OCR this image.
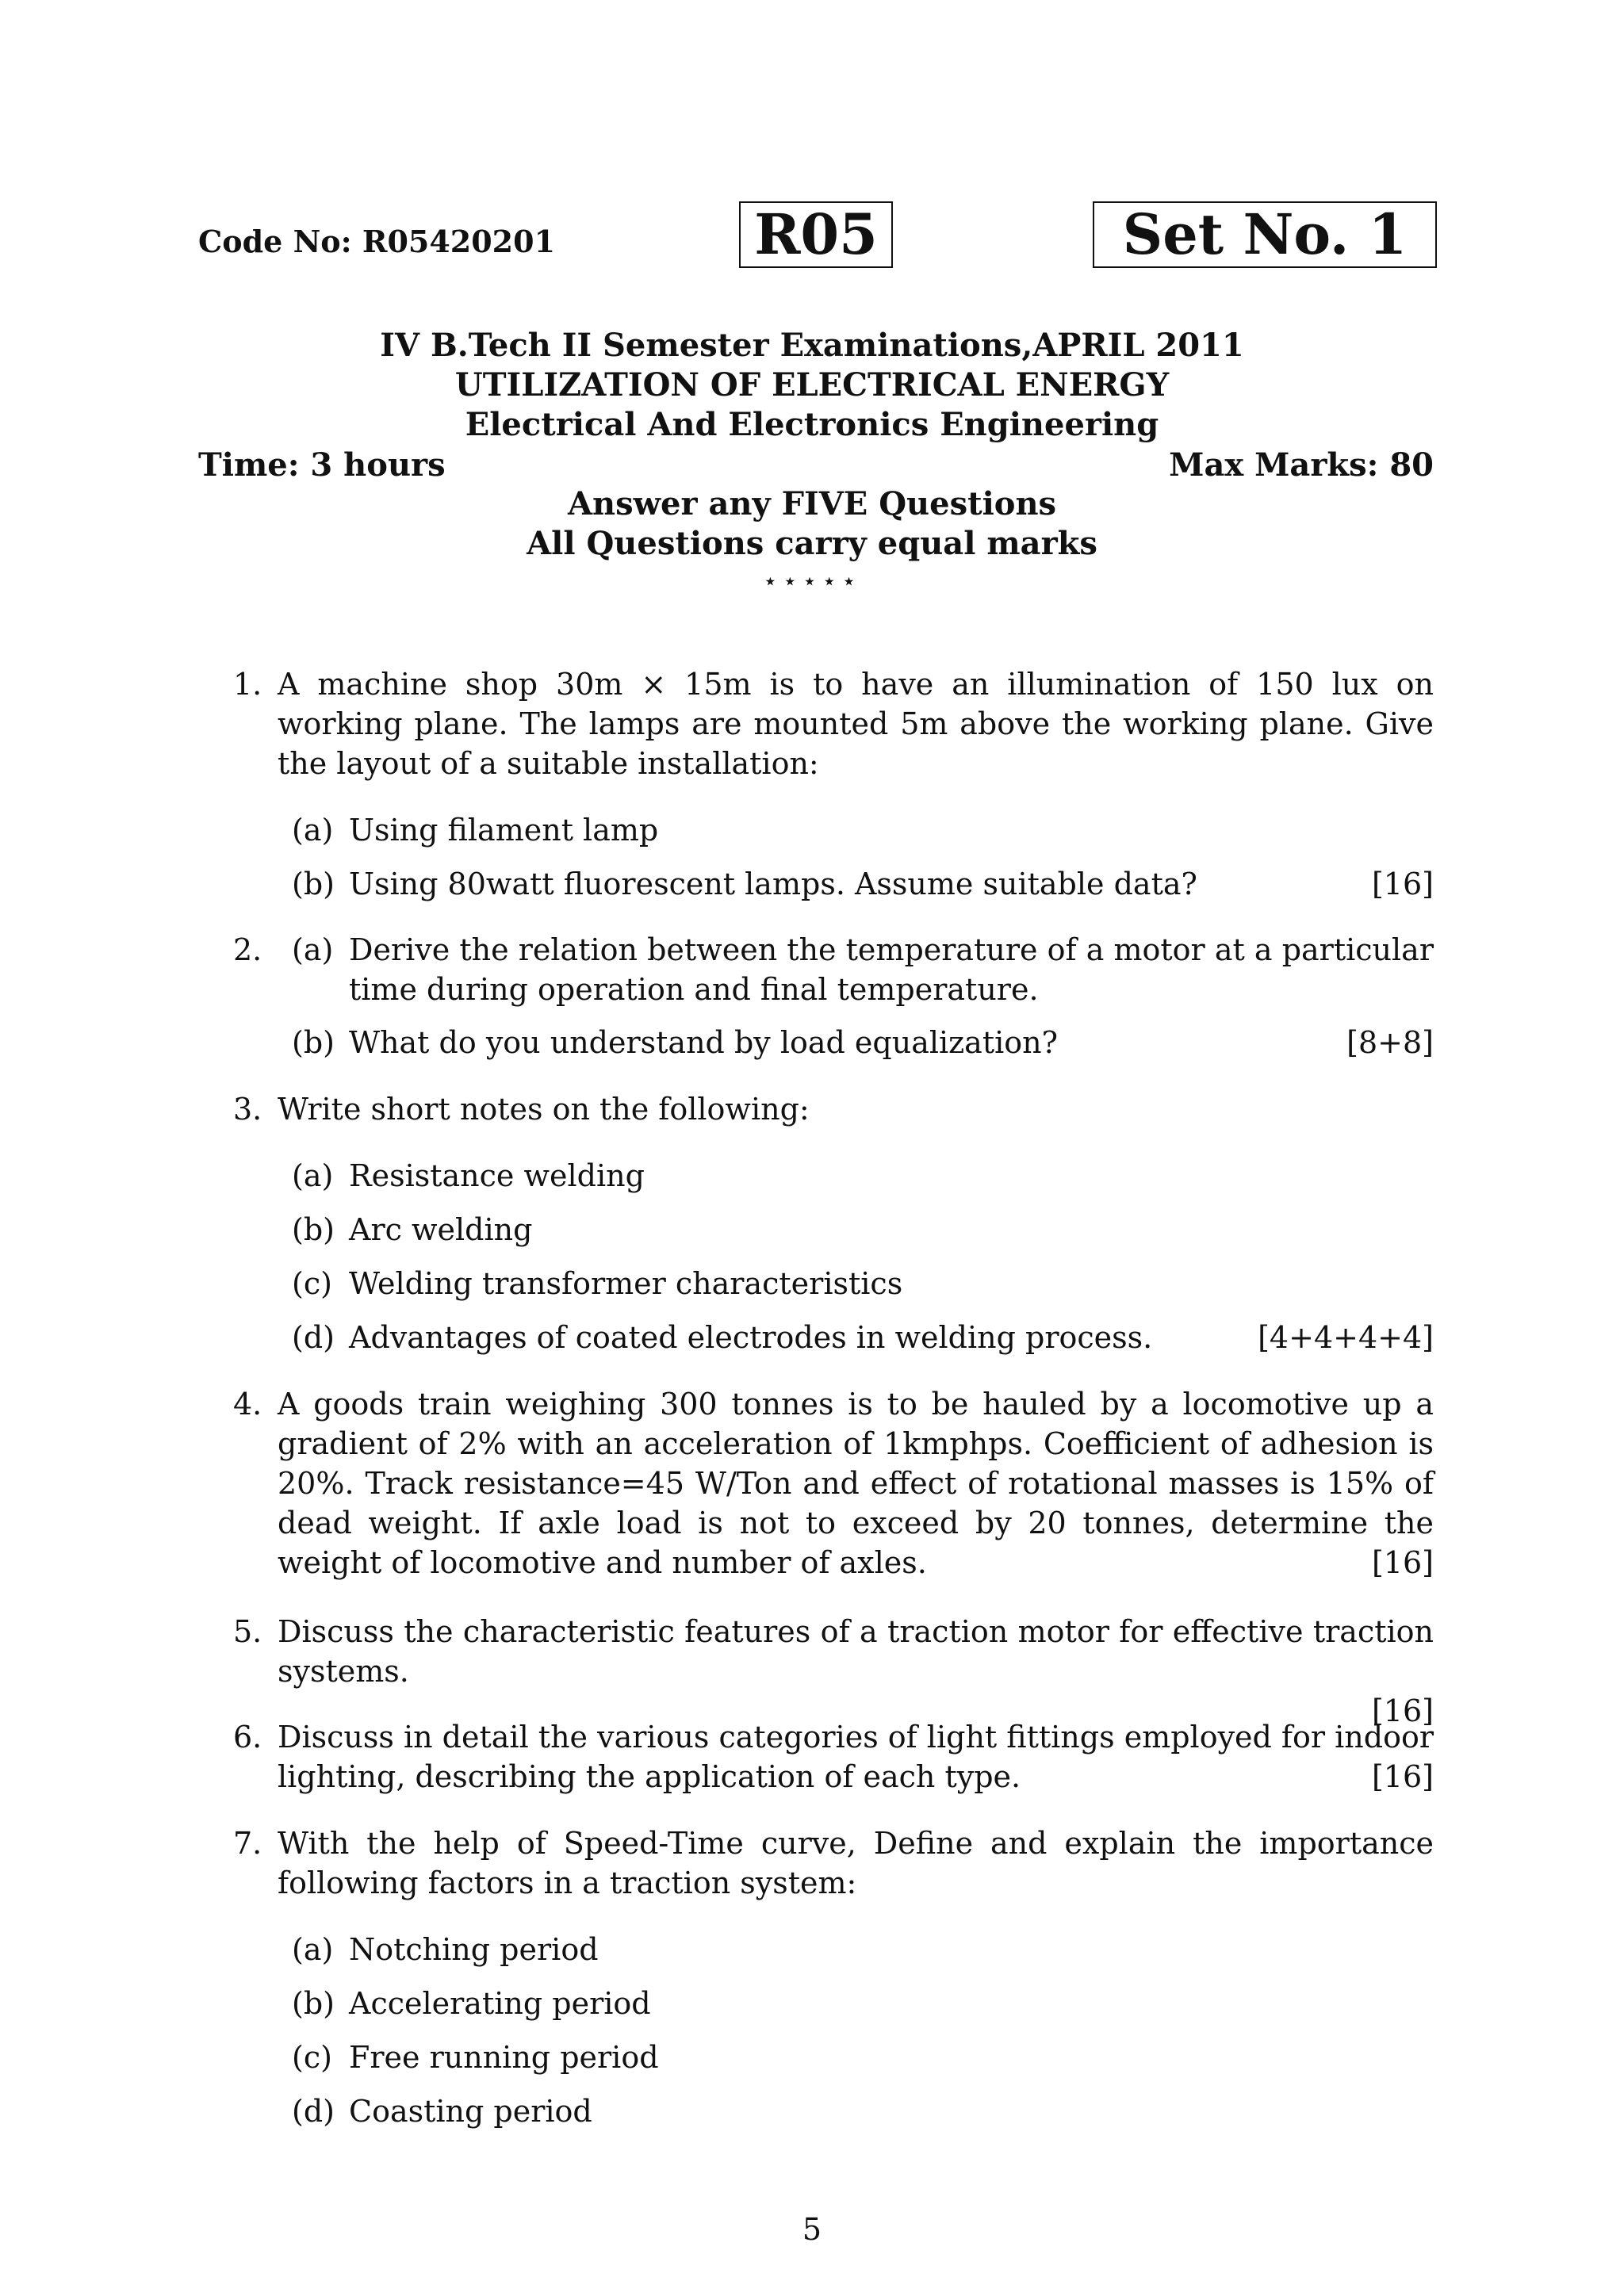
Code No: R05420201	R05	Set No. 1
IV B.Tech II Semester Examinations,APRIL 2011
UTILIZATION OF ELECTRICAL ENERGY
Electrical And Electronics Engineering
Time: 3 hours	Max Marks: 80
Answer any FIVE Questions
All Questions carry equal marks
⋆⋆⋆⋆⋆
1. A machine shop 30m × 15m is to have an illumination of 150 lux on working plane. The lamps are mounted 5m above the working plane. Give the layout of a suitable installation:
(a) Using filament lamp
(b) Using 80watt fluorescent lamps. Assume suitable data?	[16]
2. (a) Derive the relation between the temperature of a motor at a particular time during operation and final temperature.
(b) What do you understand by load equalization?	[8+8]
3. Write short notes on the following:
(a) Resistance welding
(b) Arc welding
(c) Welding transformer characteristics
(d) Advantages of coated electrodes in welding process.	[4+4+4+4]
4. A goods train weighing 300 tonnes is to be hauled by a locomotive up a gradient of 2% with an acceleration of 1kmphps. Coefficient of adhesion is 20%. Track resistance=45 W/Ton and effect of rotational masses is 15% of dead weight. If axle load is not to exceed by 20 tonnes, determine the weight of locomotive and number of axles.	[16]
5. Discuss the characteristic features of a traction motor for effective traction systems.
[16]
6. Discuss in detail the various categories of light fittings employed for indoor lighting, describing the application of each type.	[16]
7. With the help of Speed-Time curve, Define and explain the importance following factors in a traction system:
(a) Notching period
(b) Accelerating period
(c) Free running period
(d) Coasting period
5
